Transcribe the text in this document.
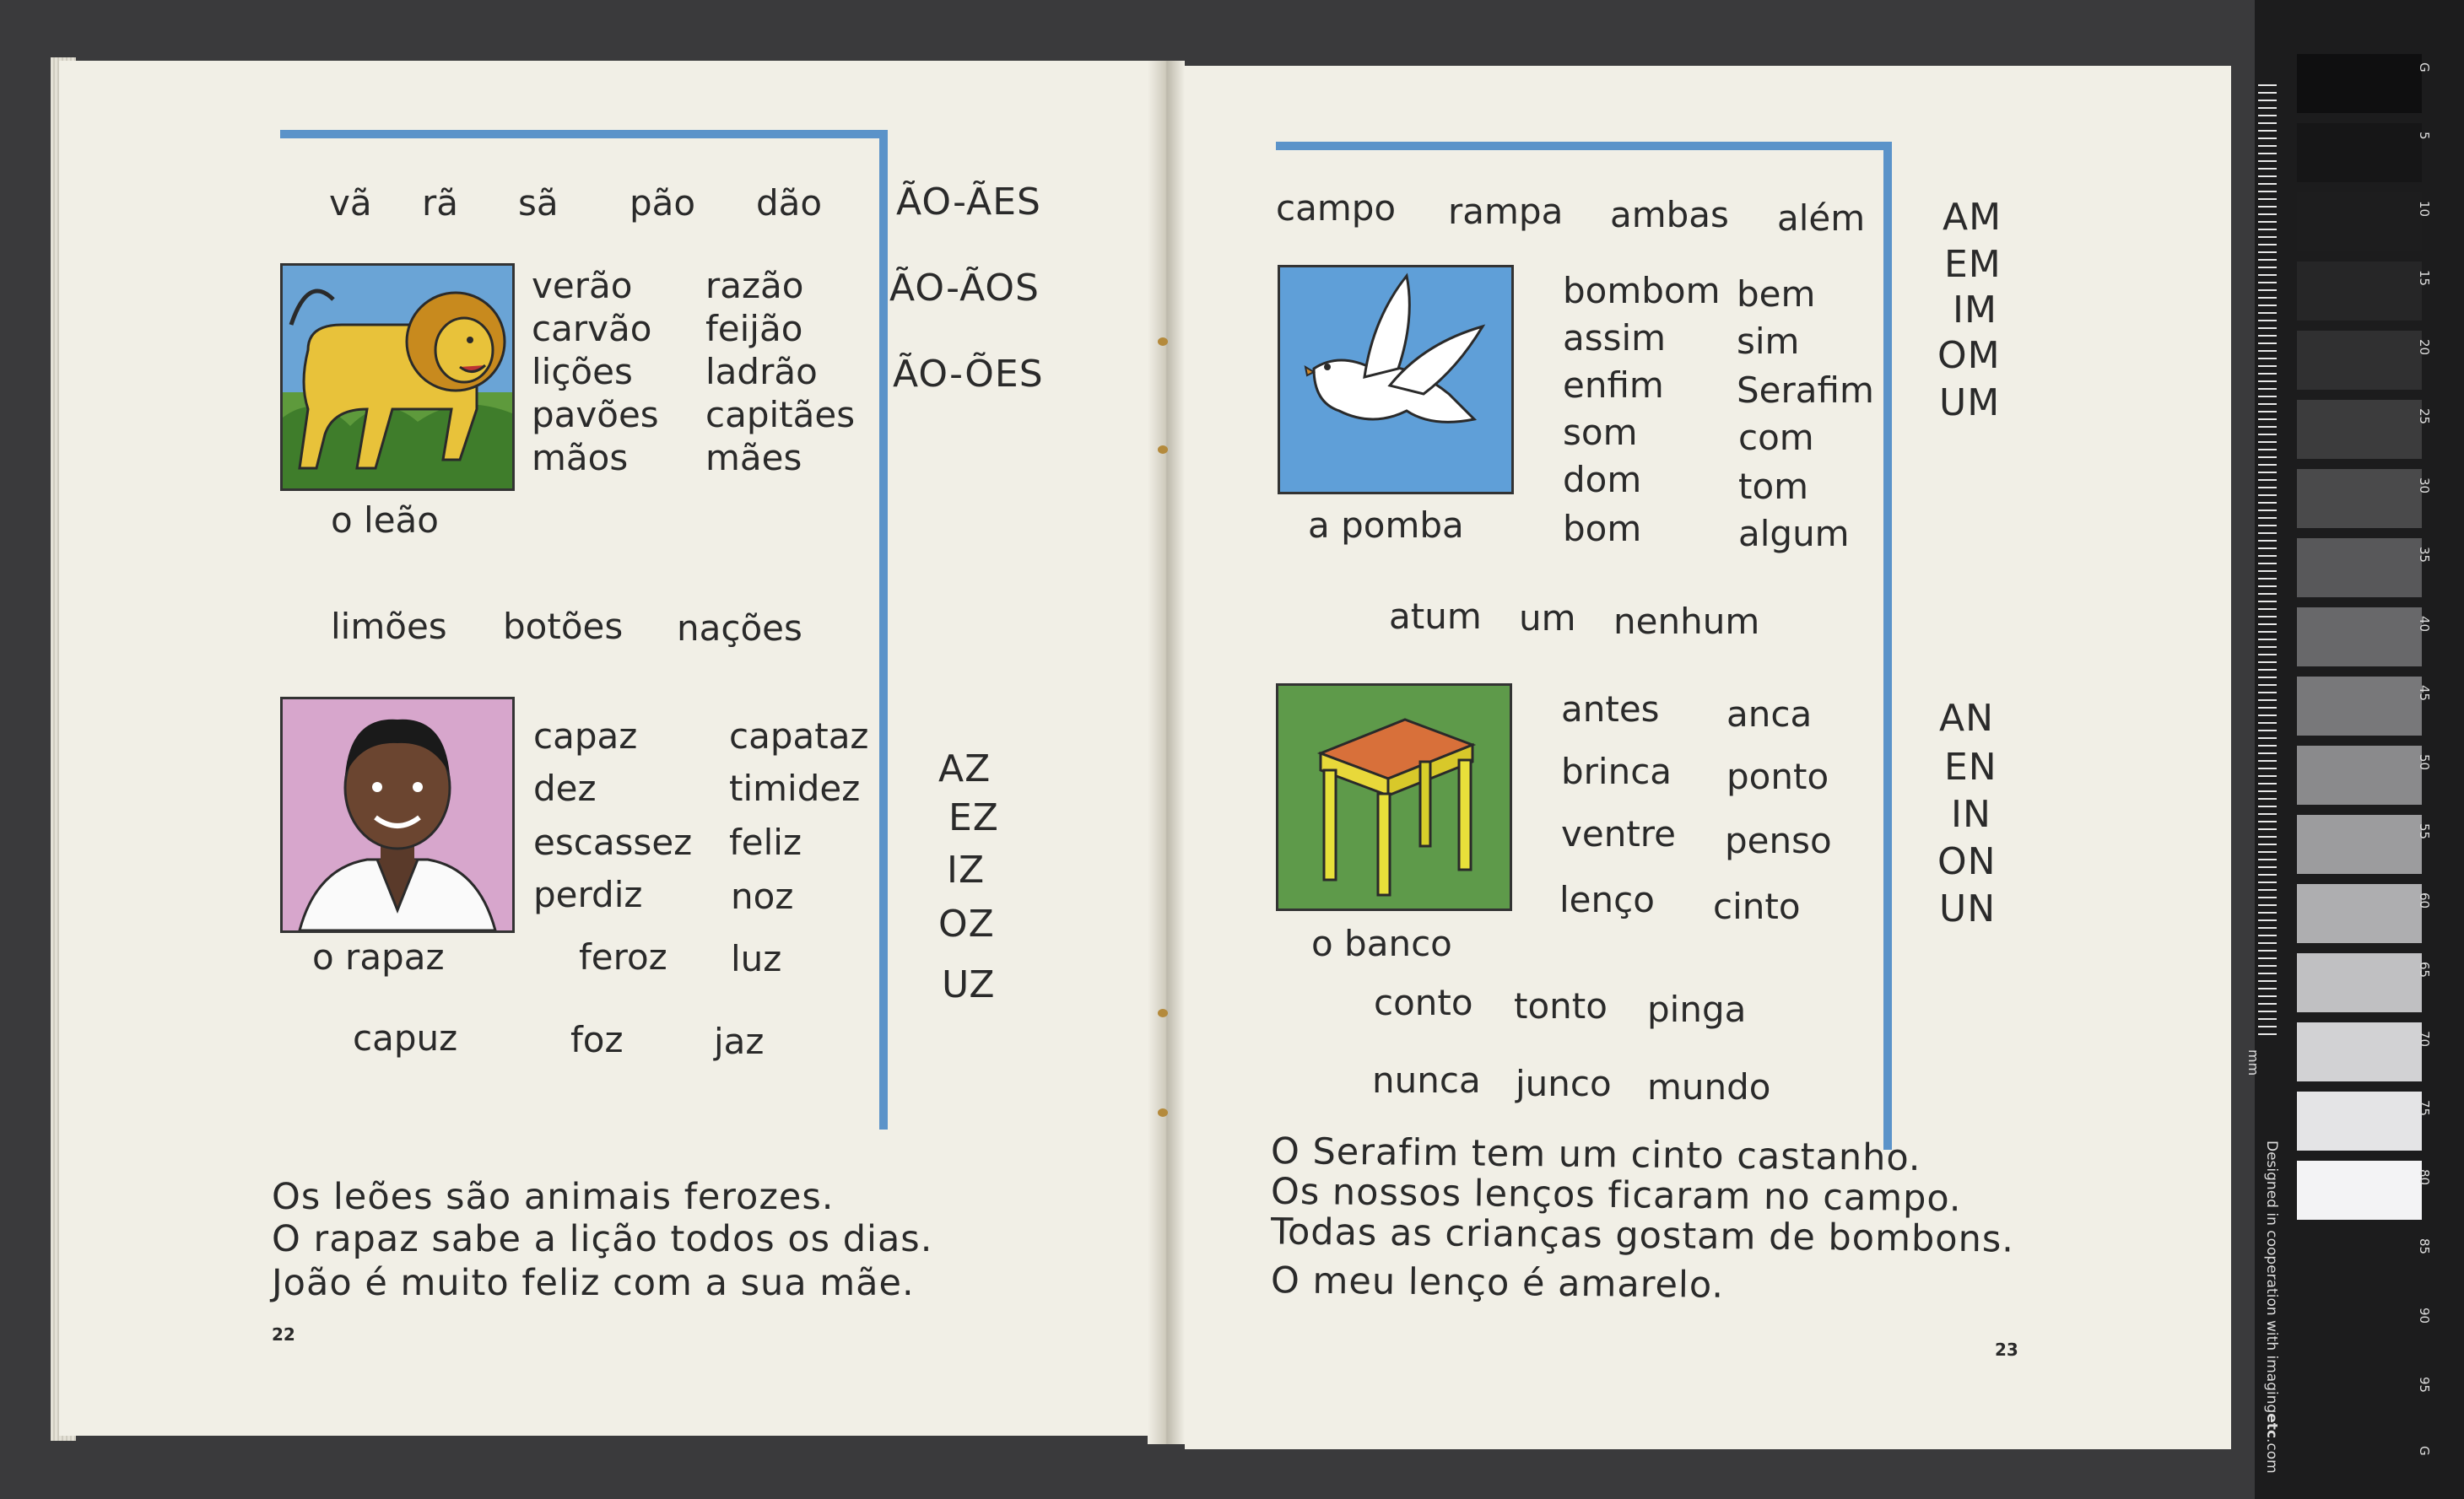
vã rã sã pão dão ÃO-ÃES
ÃO-ÃOS
ÃO-ÕES
verão
carvão
lições
pavões
mãos
razão
feijão
ladrão
capitães
mães
o leão
limões botões nações
capaz
dez
escassez
perdiz
feroz
capataz
timidez
feliz
noz
luz
o rapaz
capuz	foz	jaz
AZ
EZ
IZ
OZ
UZ
Os leões são animais ferozes.
O rapaz sabe a lição todos os dias.
João é muito feliz com a sua mãe.
22
campo rampa ambas além AM
EM
IM
OM
UM
bombom
assim
enfim
som
dom
bom
bem
sim
Serafim
com
tom
algum
a pomba
atum um nenhum
antes
brinca
ventre
lenço
anca
ponto
penso
cinto
o banco
conto tonto pinga
nunca junco mundo
AN
EN
IN
ON
UN
O Serafim tem um cinto castanho.
Os nossos lenços ficaram no campo.
Todas as crianças gostam de bombons.
O meu lenço é amarelo.
23
mm
Designed in cooperation with imagingetc.com
G
5
10
15
20
25
30
35
40
45
50
55
60
65
70
75
80
85
90
95
G
